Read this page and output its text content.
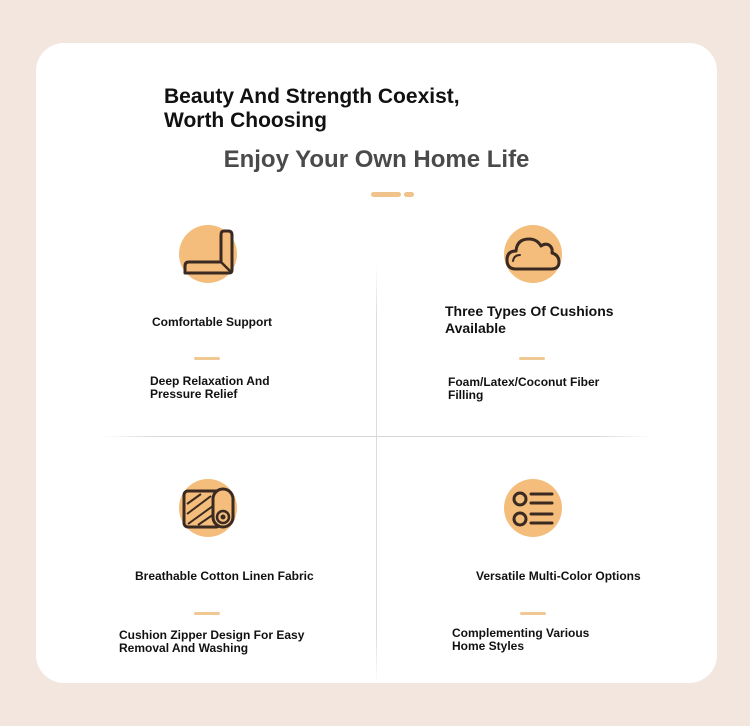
Beauty And Strength Coexist, Worth Choosing
Enjoy Your Own Home Life

Comfortable Support

Deep Relaxation And Pressure Relief

Three Types Of Cushions Available

Foam/Latex/Coconut Fiber Filling

Breathable Cotton Linen Fabric

Cushion Zipper Design For Easy Removal And Washing

Versatile Multi-Color Options

Complementing Various Home Styles
